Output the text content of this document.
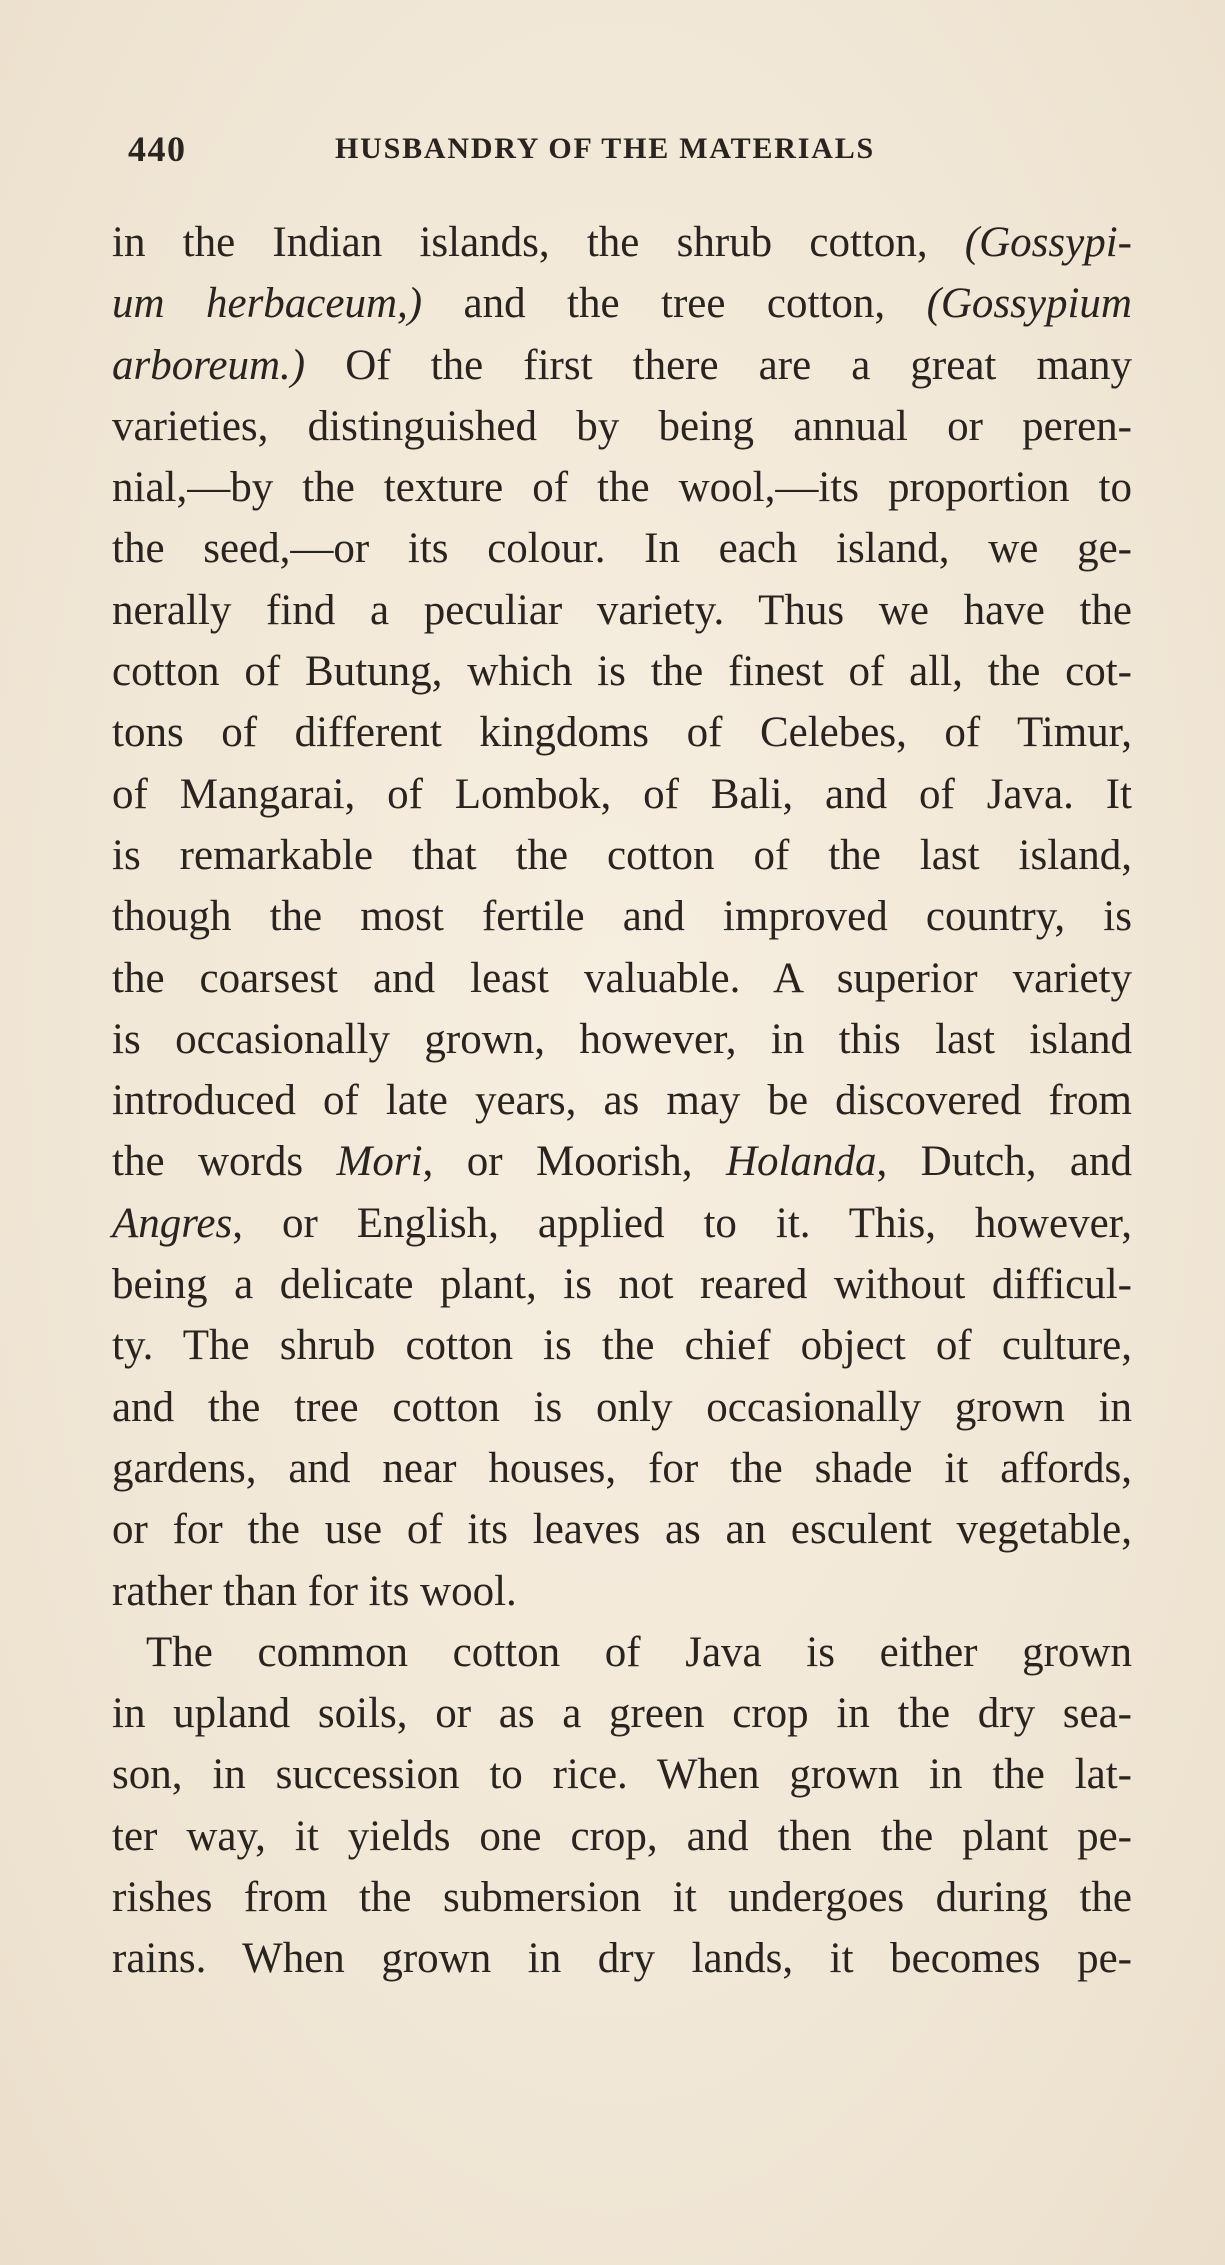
440	HUSBANDRY OF THE MATERIALS
in the Indian islands, the shrub cotton, (Gossypi-
um herbaceum,) and the tree cotton, (Gossypium
arboreum.) Of the first there are a great many
varieties, distinguished by being annual or peren-
nial,—by the texture of the wool,—its proportion to
the seed,—or its colour. In each island, we ge-
nerally find a peculiar variety. Thus we have the
cotton of Butung, which is the finest of all, the cot-
tons of different kingdoms of Celebes, of Timur,
of Mangarai, of Lombok, of Bali, and of Java. It
is remarkable that the cotton of the last island,
though the most fertile and improved country, is
the coarsest and least valuable. A superior variety
is occasionally grown, however, in this last island
introduced of late years, as may be discovered from
the words Mori, or Moorish, Holanda, Dutch, and
Angres, or English, applied to it. This, however,
being a delicate plant, is not reared without difficul-
ty. The shrub cotton is the chief object of culture,
and the tree cotton is only occasionally grown in
gardens, and near houses, for the shade it affords,
or for the use of its leaves as an esculent vegetable,
rather than for its wool.
The common cotton of Java is either grown
in upland soils, or as a green crop in the dry sea-
son, in succession to rice. When grown in the lat-
ter way, it yields one crop, and then the plant pe-
rishes from the submersion it undergoes during the
rains. When grown in dry lands, it becomes pe-
